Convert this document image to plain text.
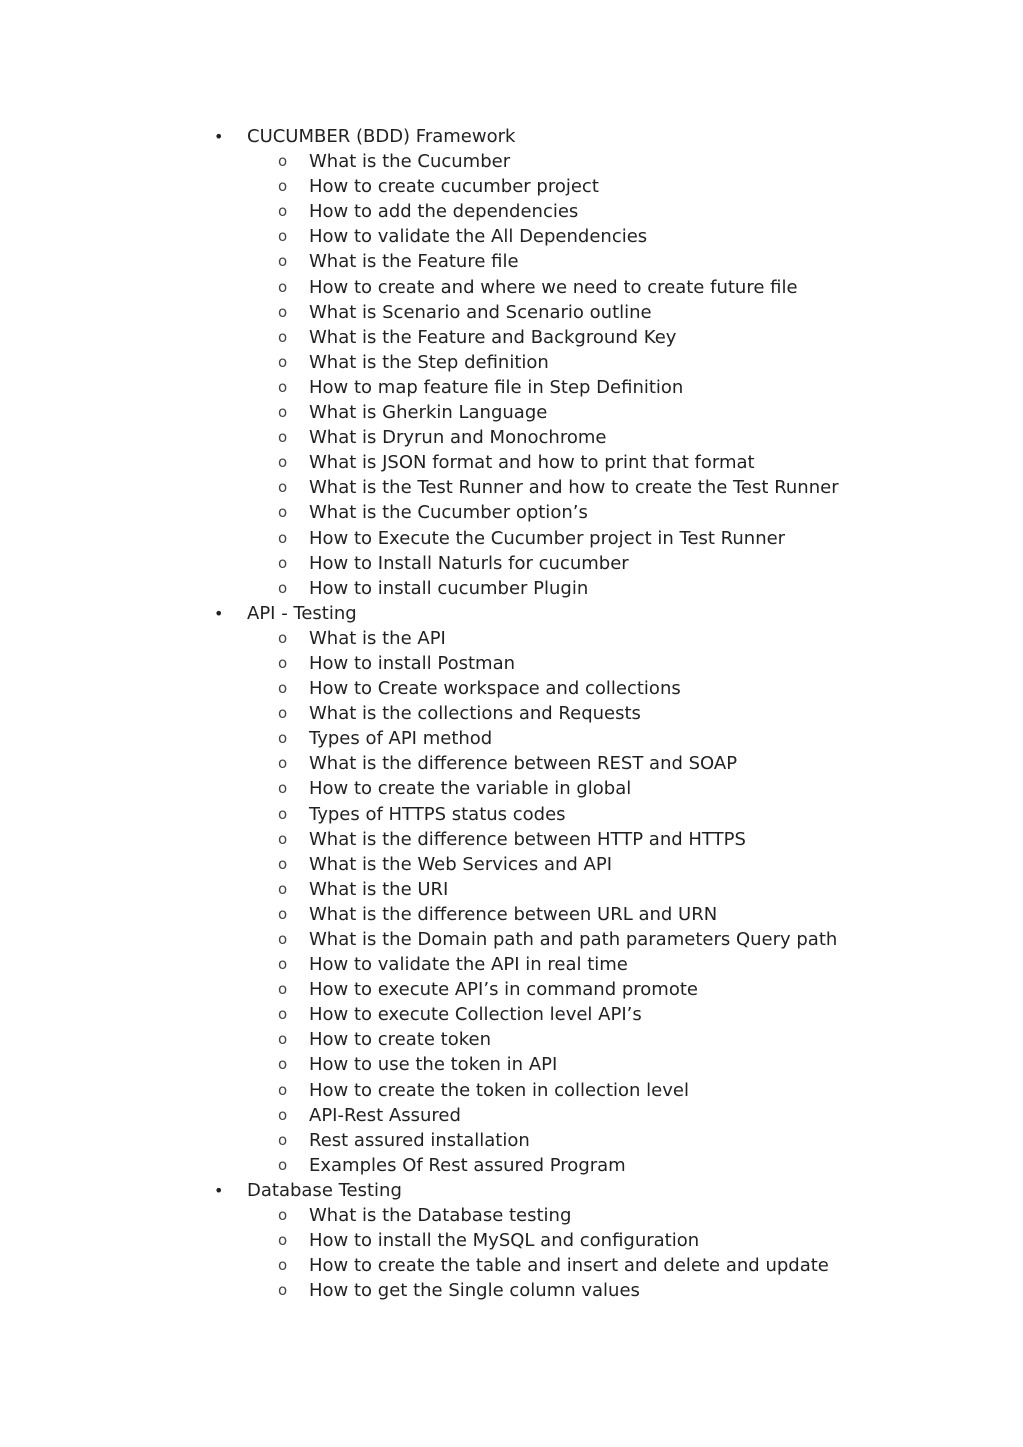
• CUCUMBER (BDD) Framework
o What is the Cucumber
o How to create cucumber project
o How to add the dependencies
o How to validate the All Dependencies
o What is the Feature file
o How to create and where we need to create future file
o What is Scenario and Scenario outline
o What is the Feature and Background Key
o What is the Step definition
o How to map feature file in Step Definition
o What is Gherkin Language
o What is Dryrun and Monochrome
o What is JSON format and how to print that format
o What is the Test Runner and how to create the Test Runner
o What is the Cucumber option’s
o How to Execute the Cucumber project in Test Runner
o How to Install Naturls for cucumber
o How to install cucumber Plugin
• API - Testing
o What is the API
o How to install Postman
o How to Create workspace and collections
o What is the collections and Requests
o Types of API method
o What is the difference between REST and SOAP
o How to create the variable in global
o Types of HTTPS status codes
o What is the difference between HTTP and HTTPS
o What is the Web Services and API
o What is the URI
o What is the difference between URL and URN
o What is the Domain path and path parameters Query path
o How to validate the API in real time
o How to execute API’s in command promote
o How to execute Collection level API’s
o How to create token
o How to use the token in API
o How to create the token in collection level
o API-Rest Assured
o Rest assured installation
o Examples Of Rest assured Program
• Database Testing
o What is the Database testing
o How to install the MySQL and configuration
o How to create the table and insert and delete and update
o How to get the Single column values
